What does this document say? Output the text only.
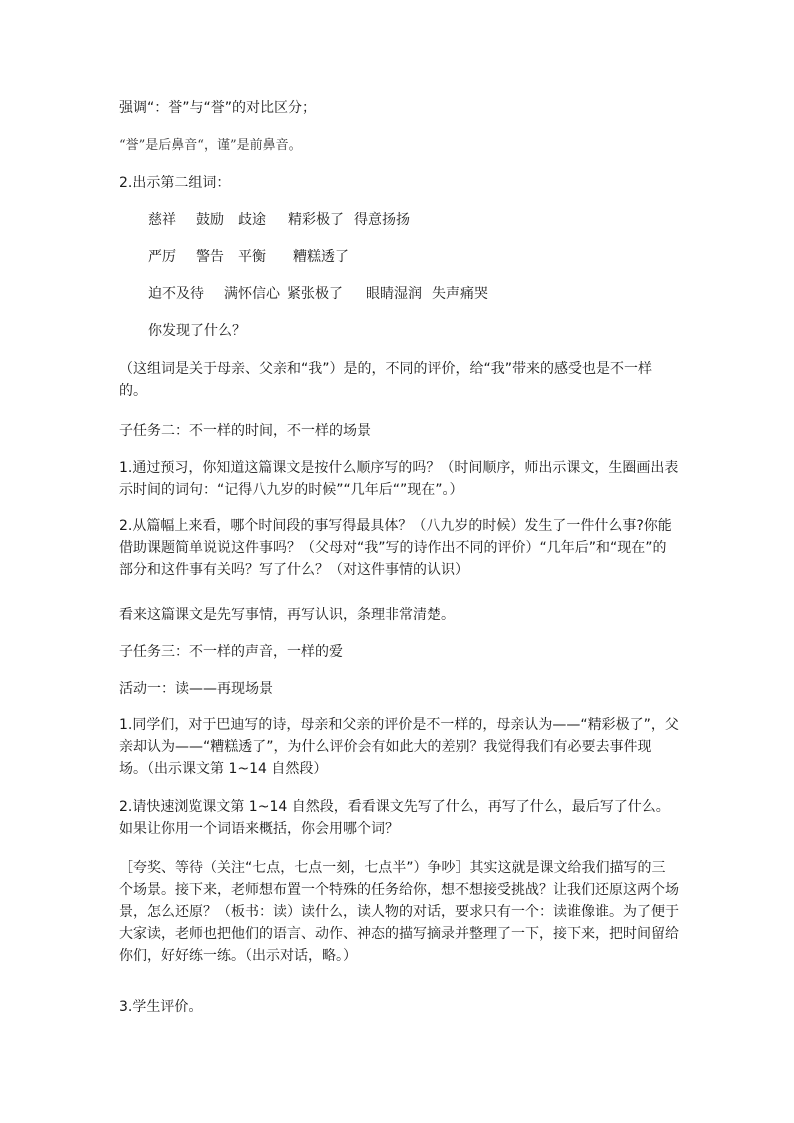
强调“：誉”与“誉”的对比区分；

“誉”是后鼻音“，谨”是前鼻音。

2.出示第二组词：

慈祥 鼓励 歧途 精彩极了 得意扬扬
严厉 警告 平衡 糟糕透了
迫不及待 满怀信心 紧张极了 眼睛湿润 失声痛哭

你发现了什么？

（这组词是关于母亲、父亲和“我”）是的，不同的评价，给“我”带来的感受也是不一样的。

子任务二：不一样的时间，不一样的场景

1.通过预习，你知道这篇课文是按什么顺序写的吗？（时间顺序，师出示课文，生圈画出表示时间的词句：“记得八九岁的时候”“几年后“”现在”。）

2.从篇幅上来看，哪个时间段的事写得最具体？（八九岁的时候）发生了一件什么事?你能借助课题简单说说这件事吗？（父母对“我”写的诗作出不同的评价）“几年后”和“现在”的部分和这件事有关吗？写了什么？（对这件事情的认识）

看来这篇课文是先写事情，再写认识，条理非常清楚。

子任务三：不一样的声音，一样的爱

活动一：读——再现场景

1.同学们，对于巴迪写的诗，母亲和父亲的评价是不一样的，母亲认为——“精彩极了”，父亲却认为——“糟糕透了”，为什么评价会有如此大的差别？我觉得我们有必要去事件现场。（出示课文第 1~14 自然段）

2.请快速浏览课文第 1~14 自然段，看看课文先写了什么，再写了什么，最后写了什么。如果让你用一个词语来概括，你会用哪个词？

［夸奖、等待（关注“七点，七点一刻，七点半”）争吵］其实这就是课文给我们描写的三个场景。接下来，老师想布置一个特殊的任务给你，想不想接受挑战？让我们还原这两个场景，怎么还原？（板书：读）读什么，读人物的对话，要求只有一个：读谁像谁。为了便于大家读，老师也把他们的语言、动作、神态的描写摘录并整理了一下，接下来，把时间留给你们，好好练一练。（出示对话，略。）

3.学生评价。
